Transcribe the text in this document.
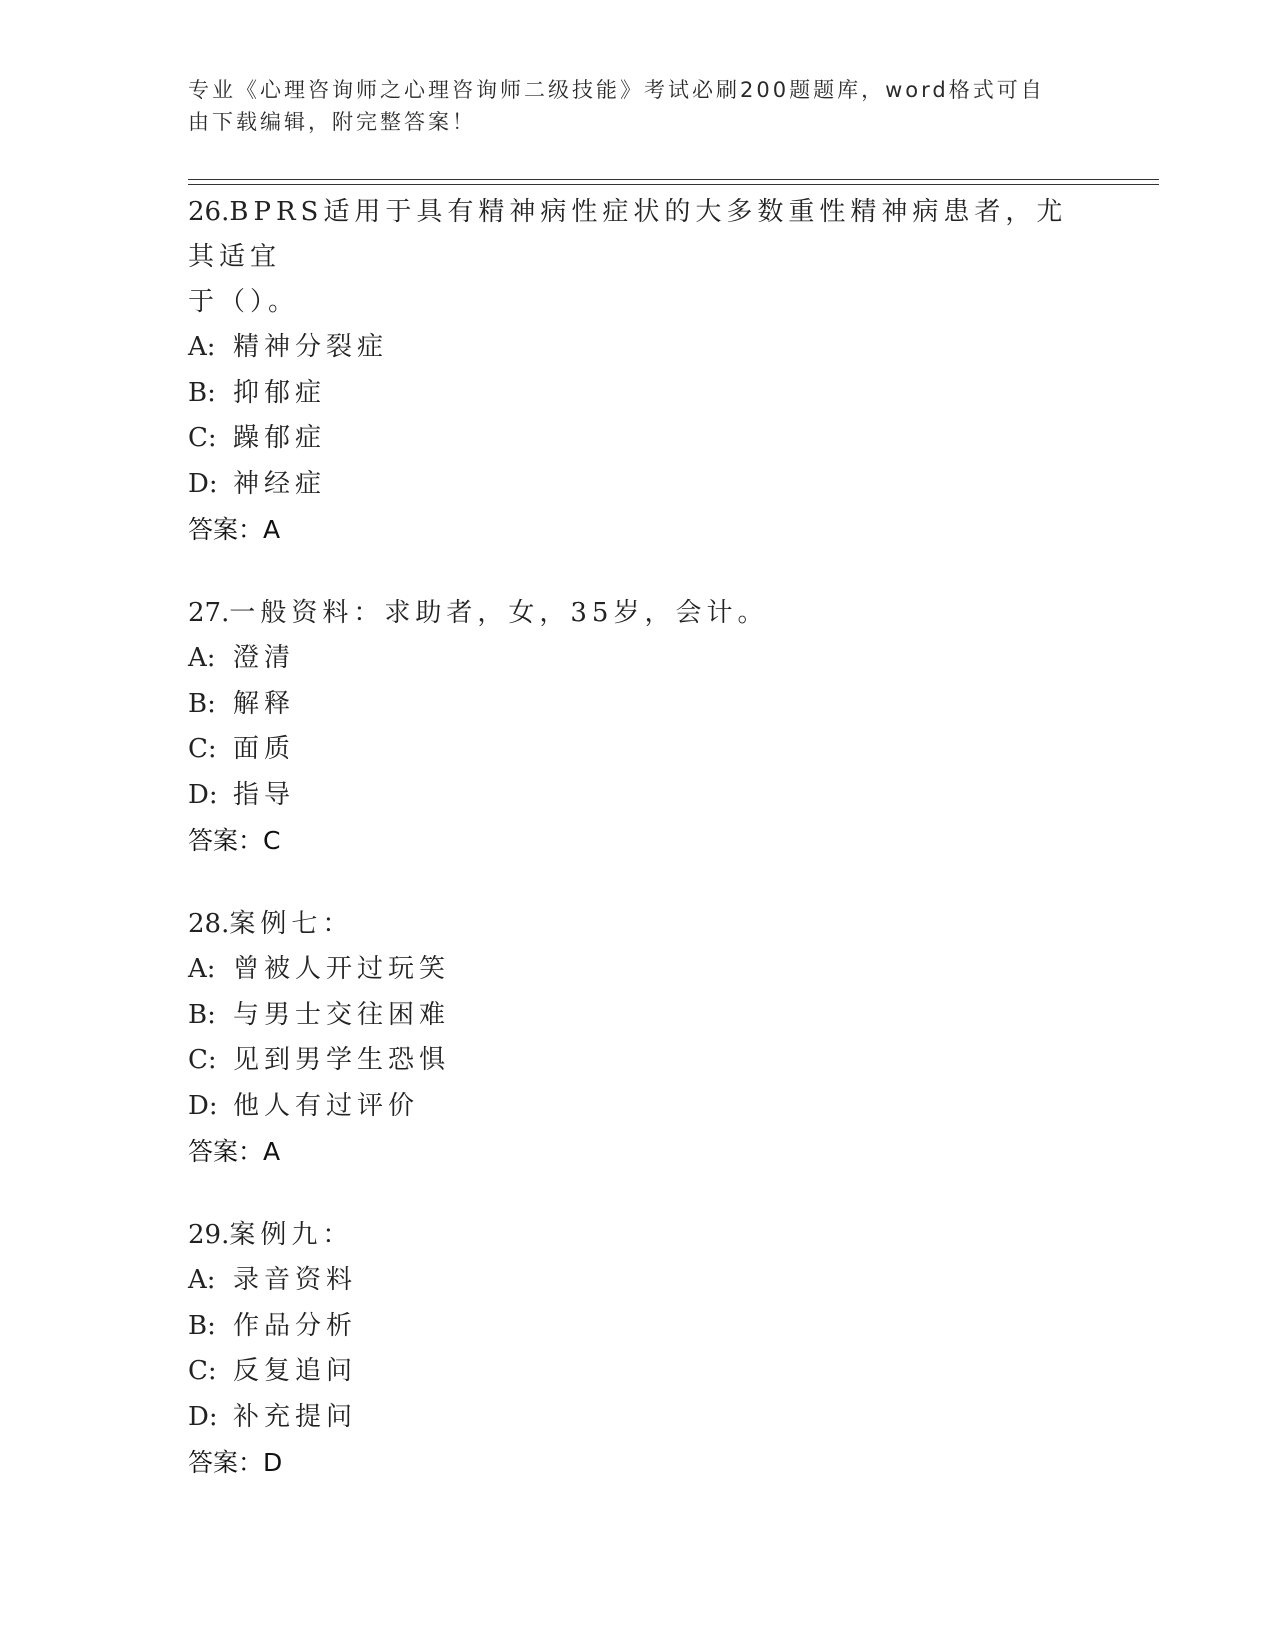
专业《心理咨询师之心理咨询师二级技能》考试必刷200题题库，word格式可自
由下载编辑，附完整答案！
26.BPRS适用于具有精神病性症状的大多数重性精神病患者，尤其适宜
于（）。
A: 精神分裂症
B: 抑郁症
C: 躁郁症
D: 神经症
答案：A
27.一般资料：求助者，女，35岁，会计。
A: 澄清
B: 解释
C: 面质
D: 指导
答案：C
28.案例七：
A: 曾被人开过玩笑
B: 与男士交往困难
C: 见到男学生恐惧
D: 他人有过评价
答案：A
29.案例九：
A: 录音资料
B: 作品分析
C: 反复追问
D: 补充提问
答案：D
